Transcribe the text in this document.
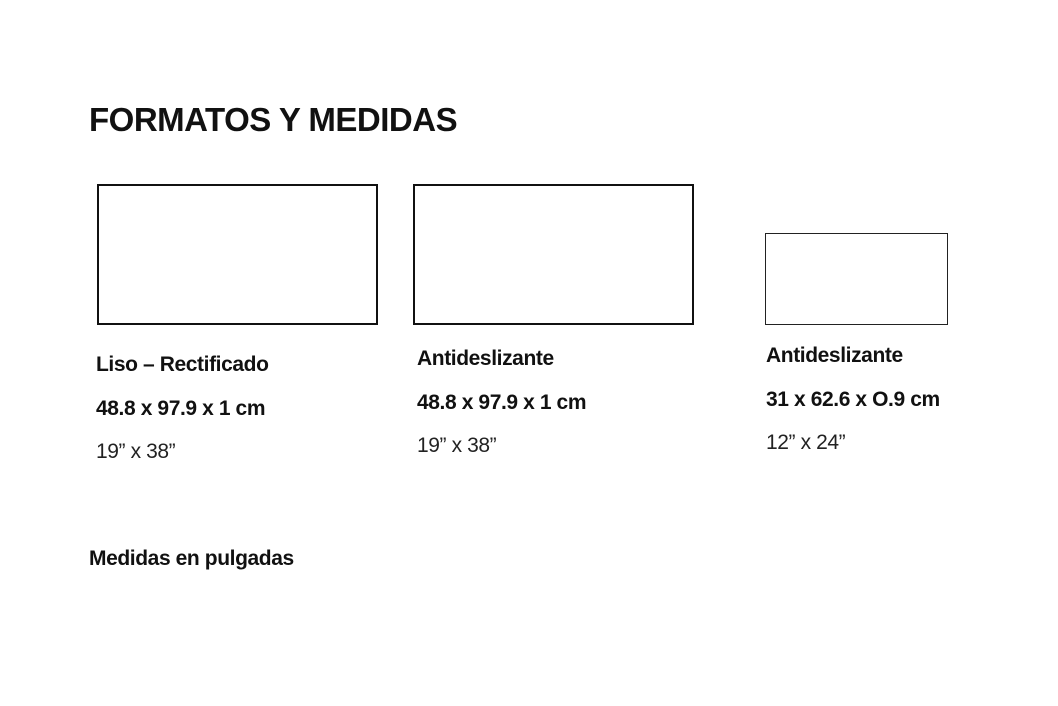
FORMATOS Y MEDIDAS
Liso – Rectificado
48.8 x 97.9 x 1 cm
19” x 38”
Antideslizante
48.8 x 97.9 x 1 cm
19” x 38”
Antideslizante
31 x 62.6 x O.9 cm
12” x 24”

Medidas en pulgadas
